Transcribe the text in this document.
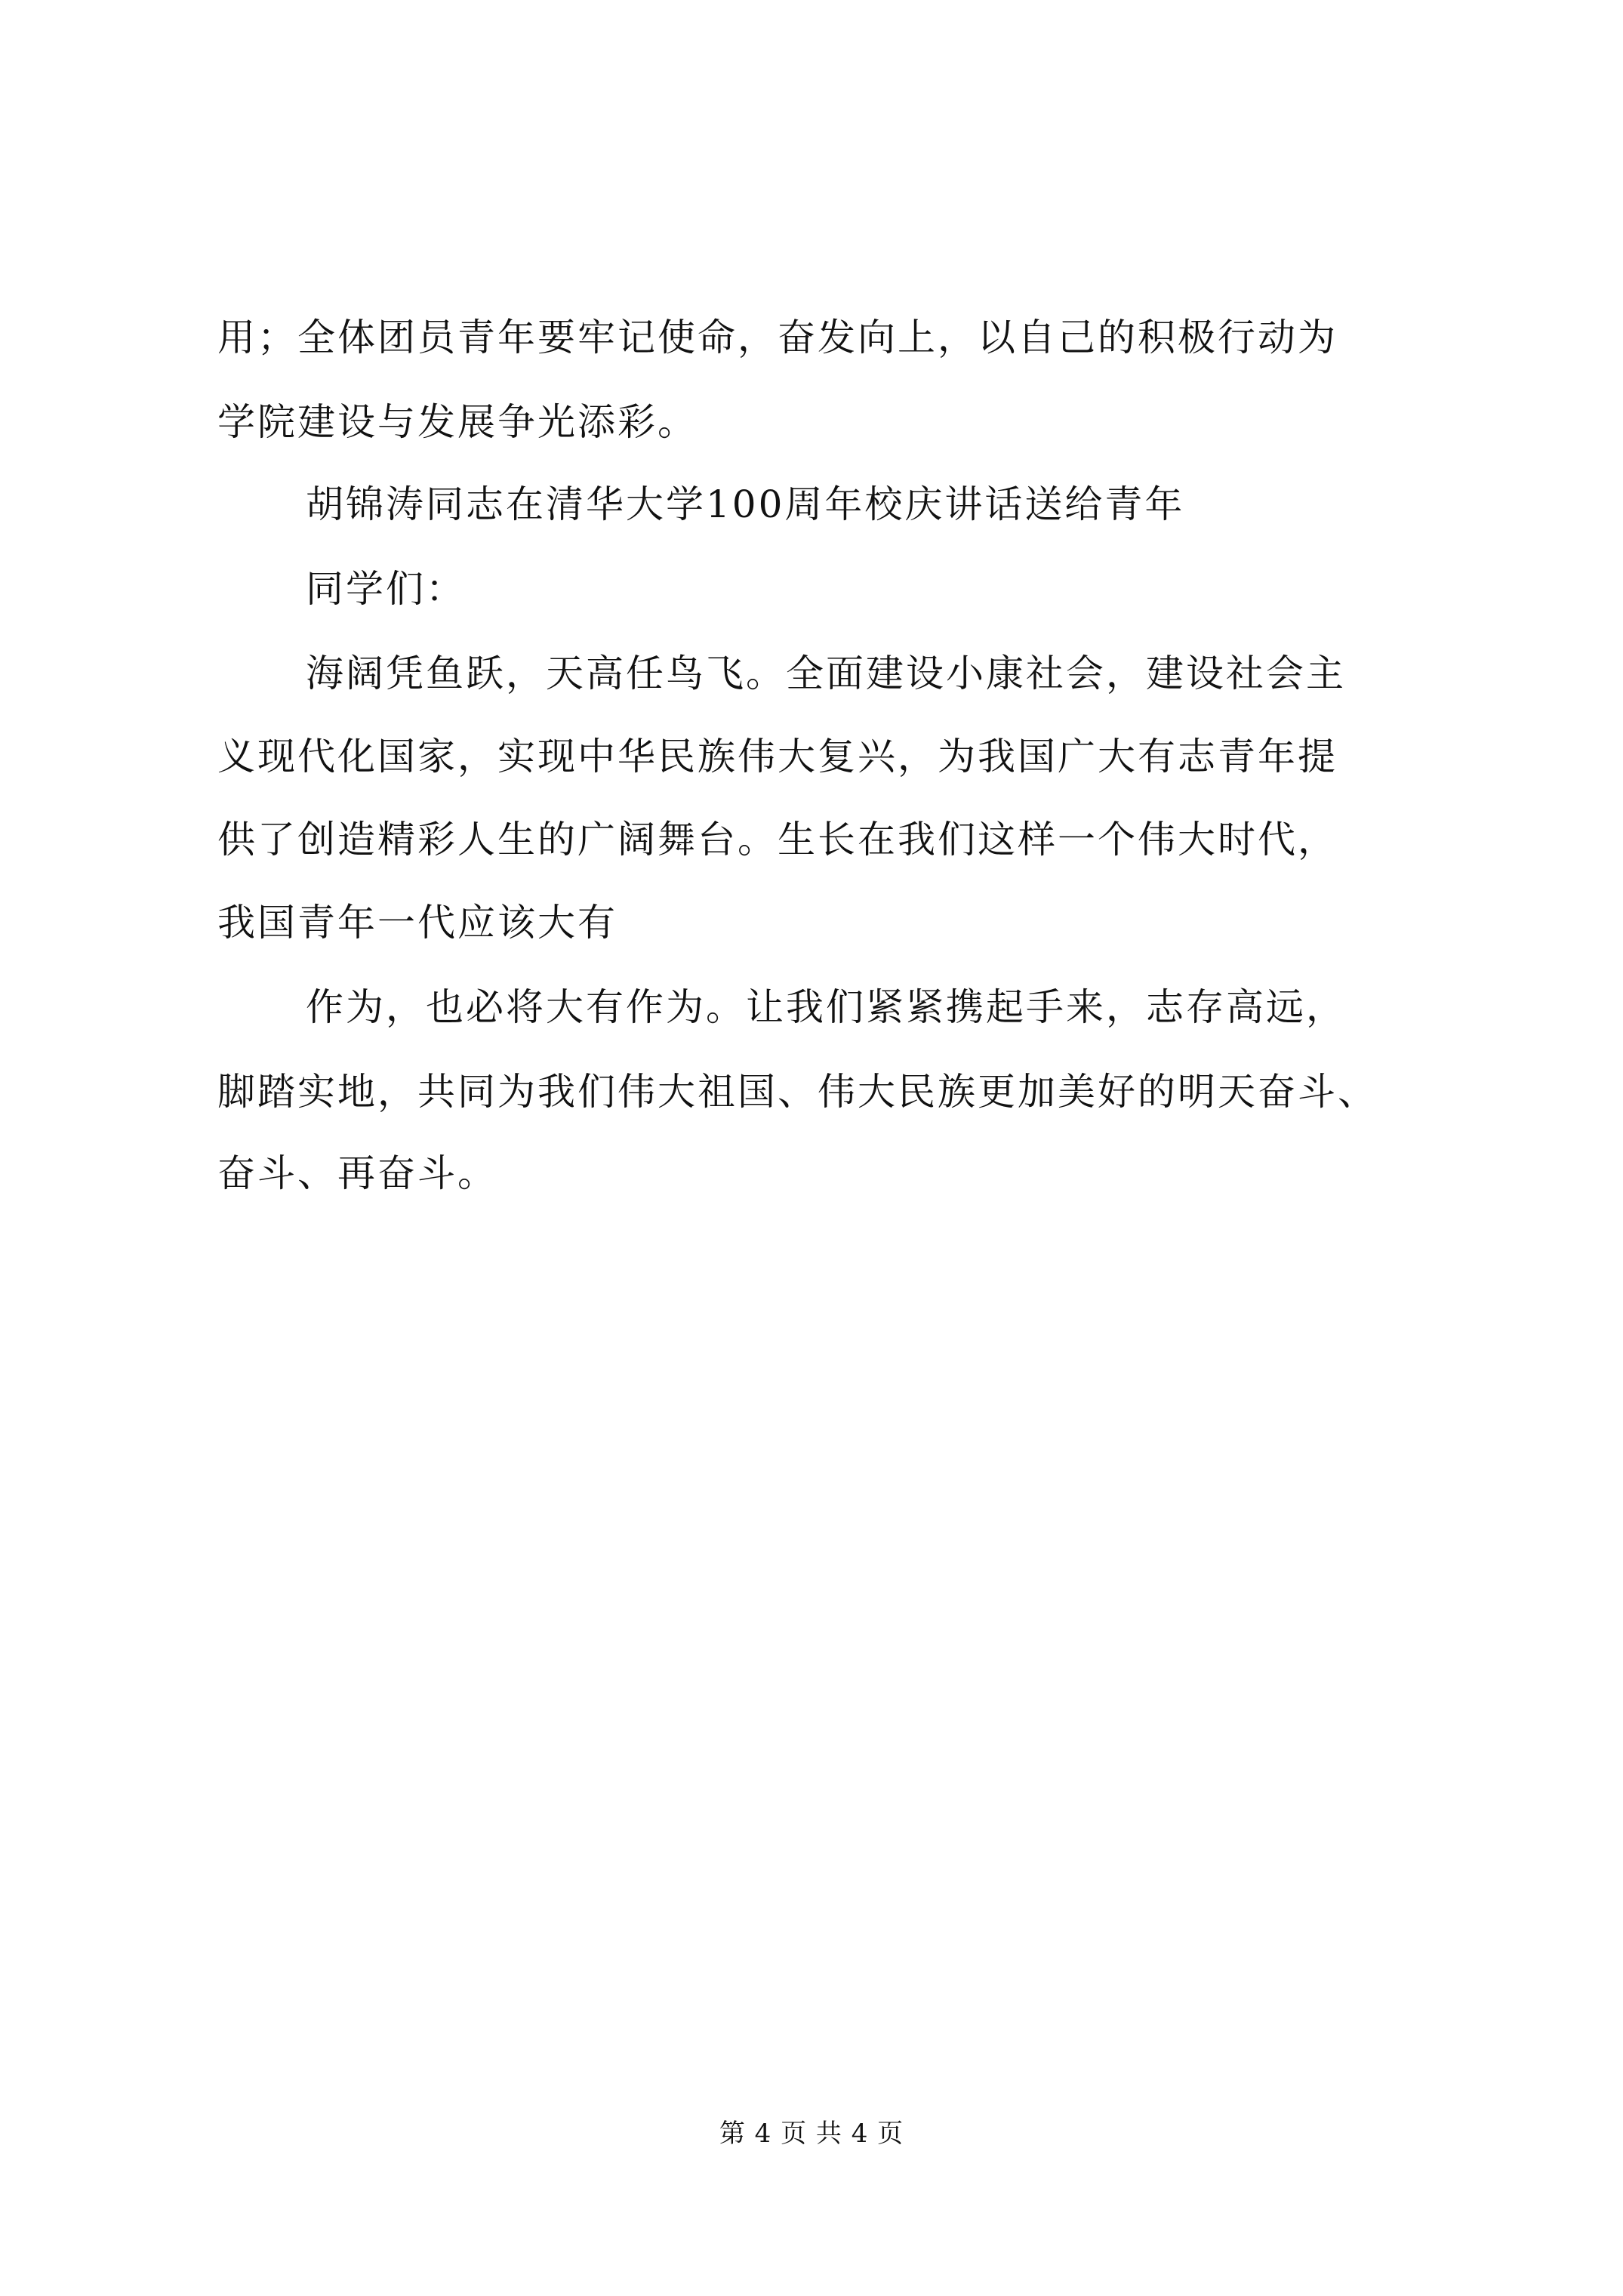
用；全体团员青年要牢记使命，奋发向上，以自己的积极行动为
学院建设与发展争光添彩。
胡锦涛同志在清华大学100周年校庆讲话送给青年
同学们：
海阔凭鱼跃，天高任鸟飞。全面建设小康社会，建设社会主
义现代化国家，实现中华民族伟大复兴，为我国广大有志青年提
供了创造精彩人生的广阔舞台。生长在我们这样一个伟大时代，
我国青年一代应该大有
作为，也必将大有作为。让我们紧紧携起手来，志存高远，
脚踏实地，共同为我们伟大祖国、伟大民族更加美好的明天奋斗、
奋斗、再奋斗。
第 4 页 共 4 页
